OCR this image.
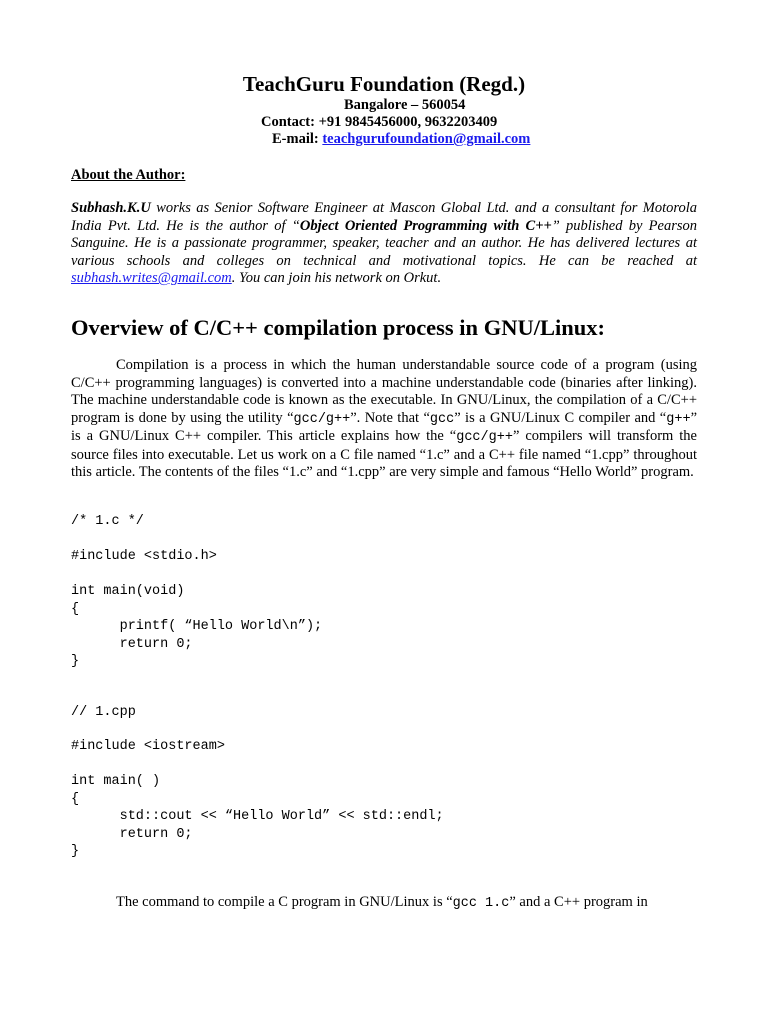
TeachGuru Foundation (Regd.)
Bangalore – 560054
Contact: +91 9845456000, 9632203409
E-mail: teachgurufoundation@gmail.com
About the Author:
Subhash.K.U works as Senior Software Engineer at Mascon Global Ltd. and a consultant for Motorola India Pvt. Ltd. He is the author of “Object Oriented Programming with C++” published by Pearson Sanguine. He is a passionate programmer, speaker, teacher and an author. He has delivered lectures at various schools and colleges on technical and motivational topics. He can be reached at subhash.writes@gmail.com. You can join his network on Orkut.
Overview of C/C++ compilation process in GNU/Linux:
Compilation is a process in which the human understandable source code of a program (using C/C++ programming languages) is converted into a machine understandable code (binaries after linking). The machine understandable code is known as the executable. In GNU/Linux, the compilation of a C/C++ program is done by using the utility “gcc/g++”. Note that “gcc” is a GNU/Linux C compiler and “g++” is a GNU/Linux C++ compiler. This article explains how the “gcc/g++” compilers will transform the source files into executable. Let us work on a C file named “1.c” and a C++ file named “1.cpp” throughout this article. The contents of the files “1.c” and “1.cpp” are very simple and famous “Hello World” program.
/* 1.c */
#include <stdio.h>
int main(void)
{
printf( “Hello World\n”);
return 0;
}
// 1.cpp
#include <iostream>
int main( )
{
std::cout << “Hello World” << std::endl;
return 0;
}
The command to compile a C program in GNU/Linux is “gcc 1.c” and a C++ program in
